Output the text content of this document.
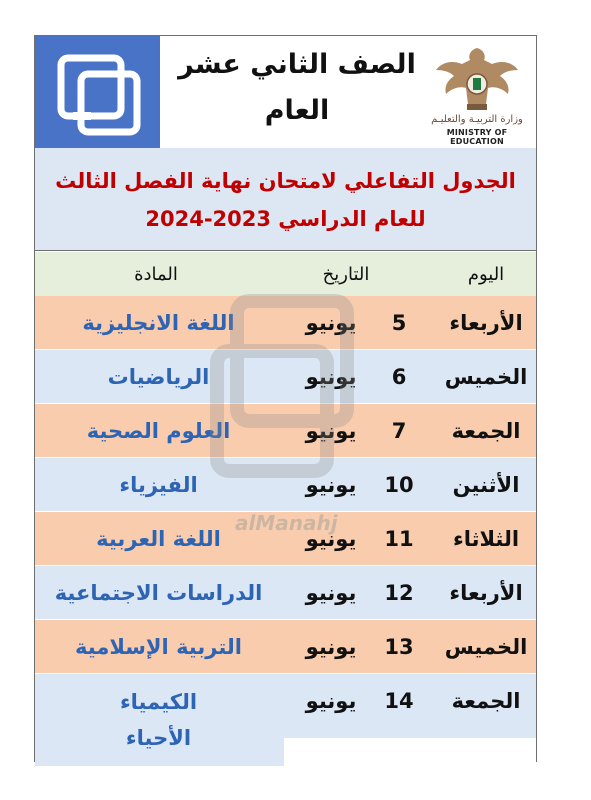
الصف الثاني عشر
العام	وزارة التربيـة والتعليـم
MINISTRY OF EDUCATION
الجدول التفاعلي لامتحان نهاية الفصل الثالث
للعام الدراسي 2023-2024
اليوم
التاريخ
المادة
الأربعاء
5
يونيو
اللغة الانجليزية
الخميس
6
يونيو
الرياضيات
الجمعة
7
يونيو
العلوم الصحية
الأثنين
10
يونيو
الفيزياء
الثلاثاء
11
يونيو
اللغة العربية
الأربعاء
12
يونيو
الدراسات الاجتماعية
الخميس
13
يونيو
التربية الإسلامية
الجمعة
14
يونيو
الكيمياء
الأحياء
alManahj
